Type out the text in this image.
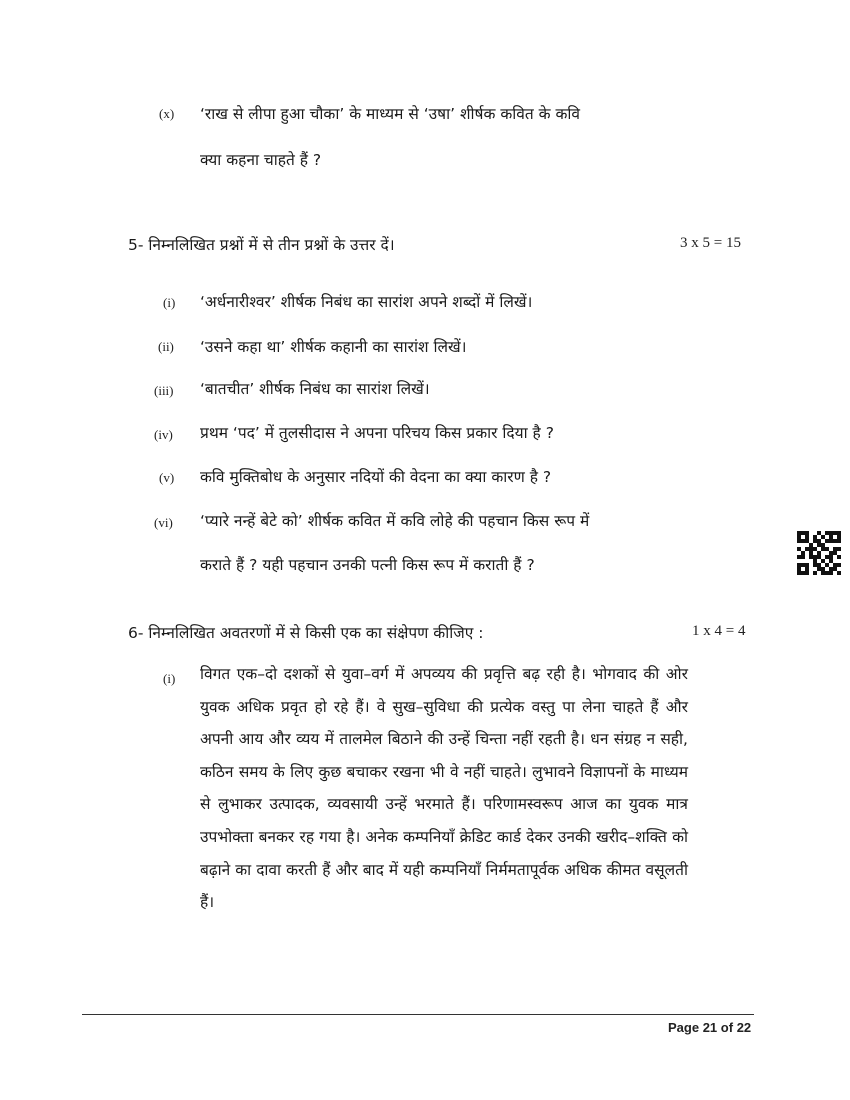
(x) ‘राख से लीपा हुआ चौका’ के माध्यम से ‘उषा’ शीर्षक कवित के कवि
क्या कहना चाहते हैं ?
5- निम्नलिखित प्रश्नों में से तीन प्रश्नों के उत्तर दें।	3 x 5 = 15
(i) ‘अर्धनारीश्वर’ शीर्षक निबंध का सारांश अपने शब्दों में लिखें।
(ii) ‘उसने कहा था’ शीर्षक कहानी का सारांश लिखें।
(iii) ‘बातचीत’ शीर्षक निबंध का सारांश लिखें।
(iv) प्रथम ‘पद’ में तुलसीदास ने अपना परिचय किस प्रकार दिया है ?
(v) कवि मुक्तिबोध के अनुसार नदियों की वेदना का क्या कारण है ?
(vi) ‘प्यारे नन्हें बेटे को’ शीर्षक कवित में कवि लोहे की पहचान किस रूप में
कराते हैं ? यही पहचान उनकी पत्नी किस रूप में कराती हैं ?
6- निम्नलिखित अवतरणों में से किसी एक का संक्षेपण कीजिए :	1 x 4 = 4
(i) विगत एक–दो दशकों से युवा–वर्ग में अपव्यय की प्रवृत्ति बढ़ रही है। भोगवाद की ओर युवक अधिक प्रवृत हो रहे हैं। वे सुख–सुविधा की प्रत्येक वस्तु पा लेना चाहते हैं और अपनी आय और व्यय में तालमेल बिठाने की उन्हें चिन्ता नहीं रहती है। धन संग्रह न सही, कठिन समय के लिए कुछ बचाकर रखना भी वे नहीं चाहते। लुभावने विज्ञापनों के माध्यम से लुभाकर उत्पादक, व्यवसायी उन्हें भरमाते हैं। परिणामस्वरूप आज का युवक मात्र उपभोक्ता बनकर रह गया है। अनेक कम्पनियाँ क्रेडिट कार्ड देकर उनकी खरीद–शक्ति को बढ़ाने का दावा करती हैं और बाद में यही कम्पनियाँ निर्ममतापूर्वक अधिक कीमत वसूलती हैं।
Page 21 of 22
